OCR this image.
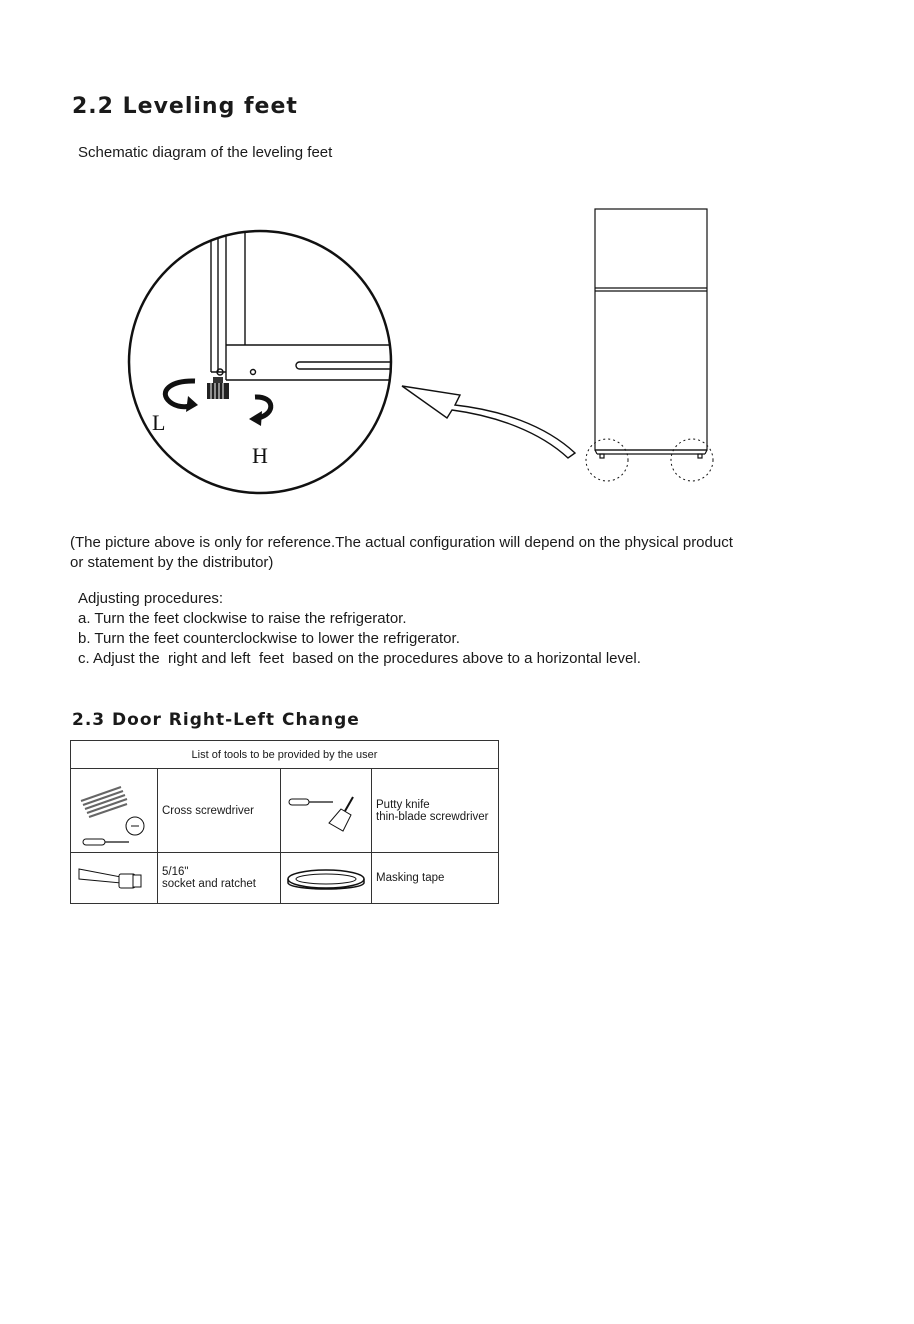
2.2 Leveling feet
Schematic diagram of the leveling feet
L
H
(The picture above is only for reference.The actual configuration will depend on the physical product
or statement by the distributor)
Adjusting procedures:
a. Turn the feet clockwise to raise the refrigerator.
b. Turn the feet counterclockwise to lower the refrigerator.
c. Adjust the  right and left  feet  based on the procedures above to a horizontal level.
2.3 Door Right-Left Change
List of tools to be provided by the user			

	Cross screwdriver		Putty knife
thin-blade screwdriver

5/16"
socket and ratchet		Masking tape
